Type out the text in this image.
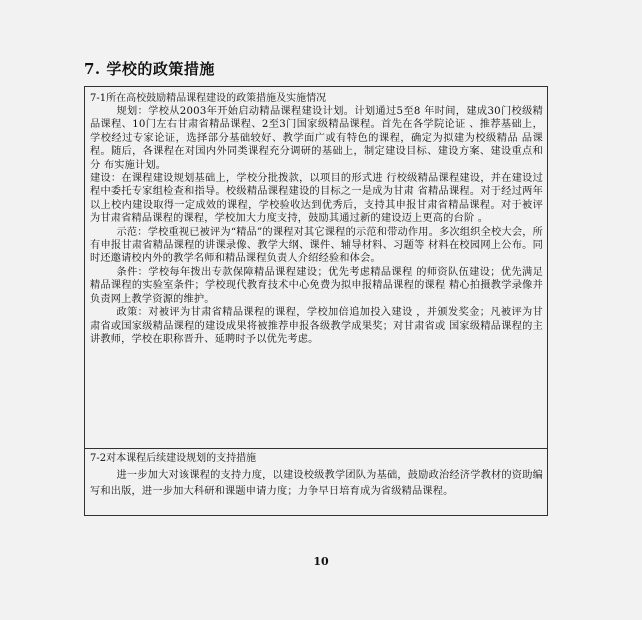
7. 学校的政策措施

7-1所在高校鼓励精品课程建设的政策措施及实施情况

规划：学校从2003年开始启动精品课程建设计划。计划通过5至8 年时间，建成30门校级精品课程、10门左右甘肃省精品课程、2至3门国家级精品课程。首先在各学院论证 、推荐基础上，学校经过专家论证，选择部分基础较好、教学面广或有特色的课程，确定为拟建为校级精品 品课程。随后，各课程在对国内外同类课程充分调研的基础上，制定建设目标、建设方案、建设重点和分 布实施计划。

建设：在课程建设规划基础上，学校分批拨款，以项目的形式进 行校级精品课程建设，并在建设过程中委托专家组检查和指导。校级精品课程建设的目标之一是成为甘肃 省精品课程。对于经过两年以上校内建设取得一定成效的课程，学校验收达到优秀后，支持其申报甘肃省精品课程。对于被评为甘肃省精品课程的课程，学校加大力度支持，鼓励其通过新的建设迈上更高的台阶 。

示范：学校重视已被评为“精品”的课程对其它课程的示范和带动作用。多次组织全校大会，所有申报甘肃省精品课程的讲课录像、教学大纲、课件、辅导材料、习题等 材料在校园网上公布。同时还邀请校内外的教学名师和精品课程负责人介绍经验和体会。

条件：学校每年拨出专款保障精品课程建设；优先考虑精品课程 的师资队伍建设；优先满足精品课程的实验室条件；学校现代教育技术中心免费为拟申报精品课程的课程 精心拍摄教学录像并负责网上教学资源的维护。

政策：对被评为甘肃省精品课程的课程，学校加倍追加投入建设 ，并颁发奖金；凡被评为甘肃省或国家级精品课程的建设成果将被推荐申报各级教学成果奖；对甘肃省或 国家级精品课程的主讲教师，学校在职称晋升、延聘时予以优先考虑。

7-2对本课程后续建设规划的支持措施

进一步加大对该课程的支持力度，以建设校级教学团队为基础，鼓励政治经济学教材的资助编写和出版，进一步加大科研和课题申请力度；力争早日培育成为省级精品课程。

10
